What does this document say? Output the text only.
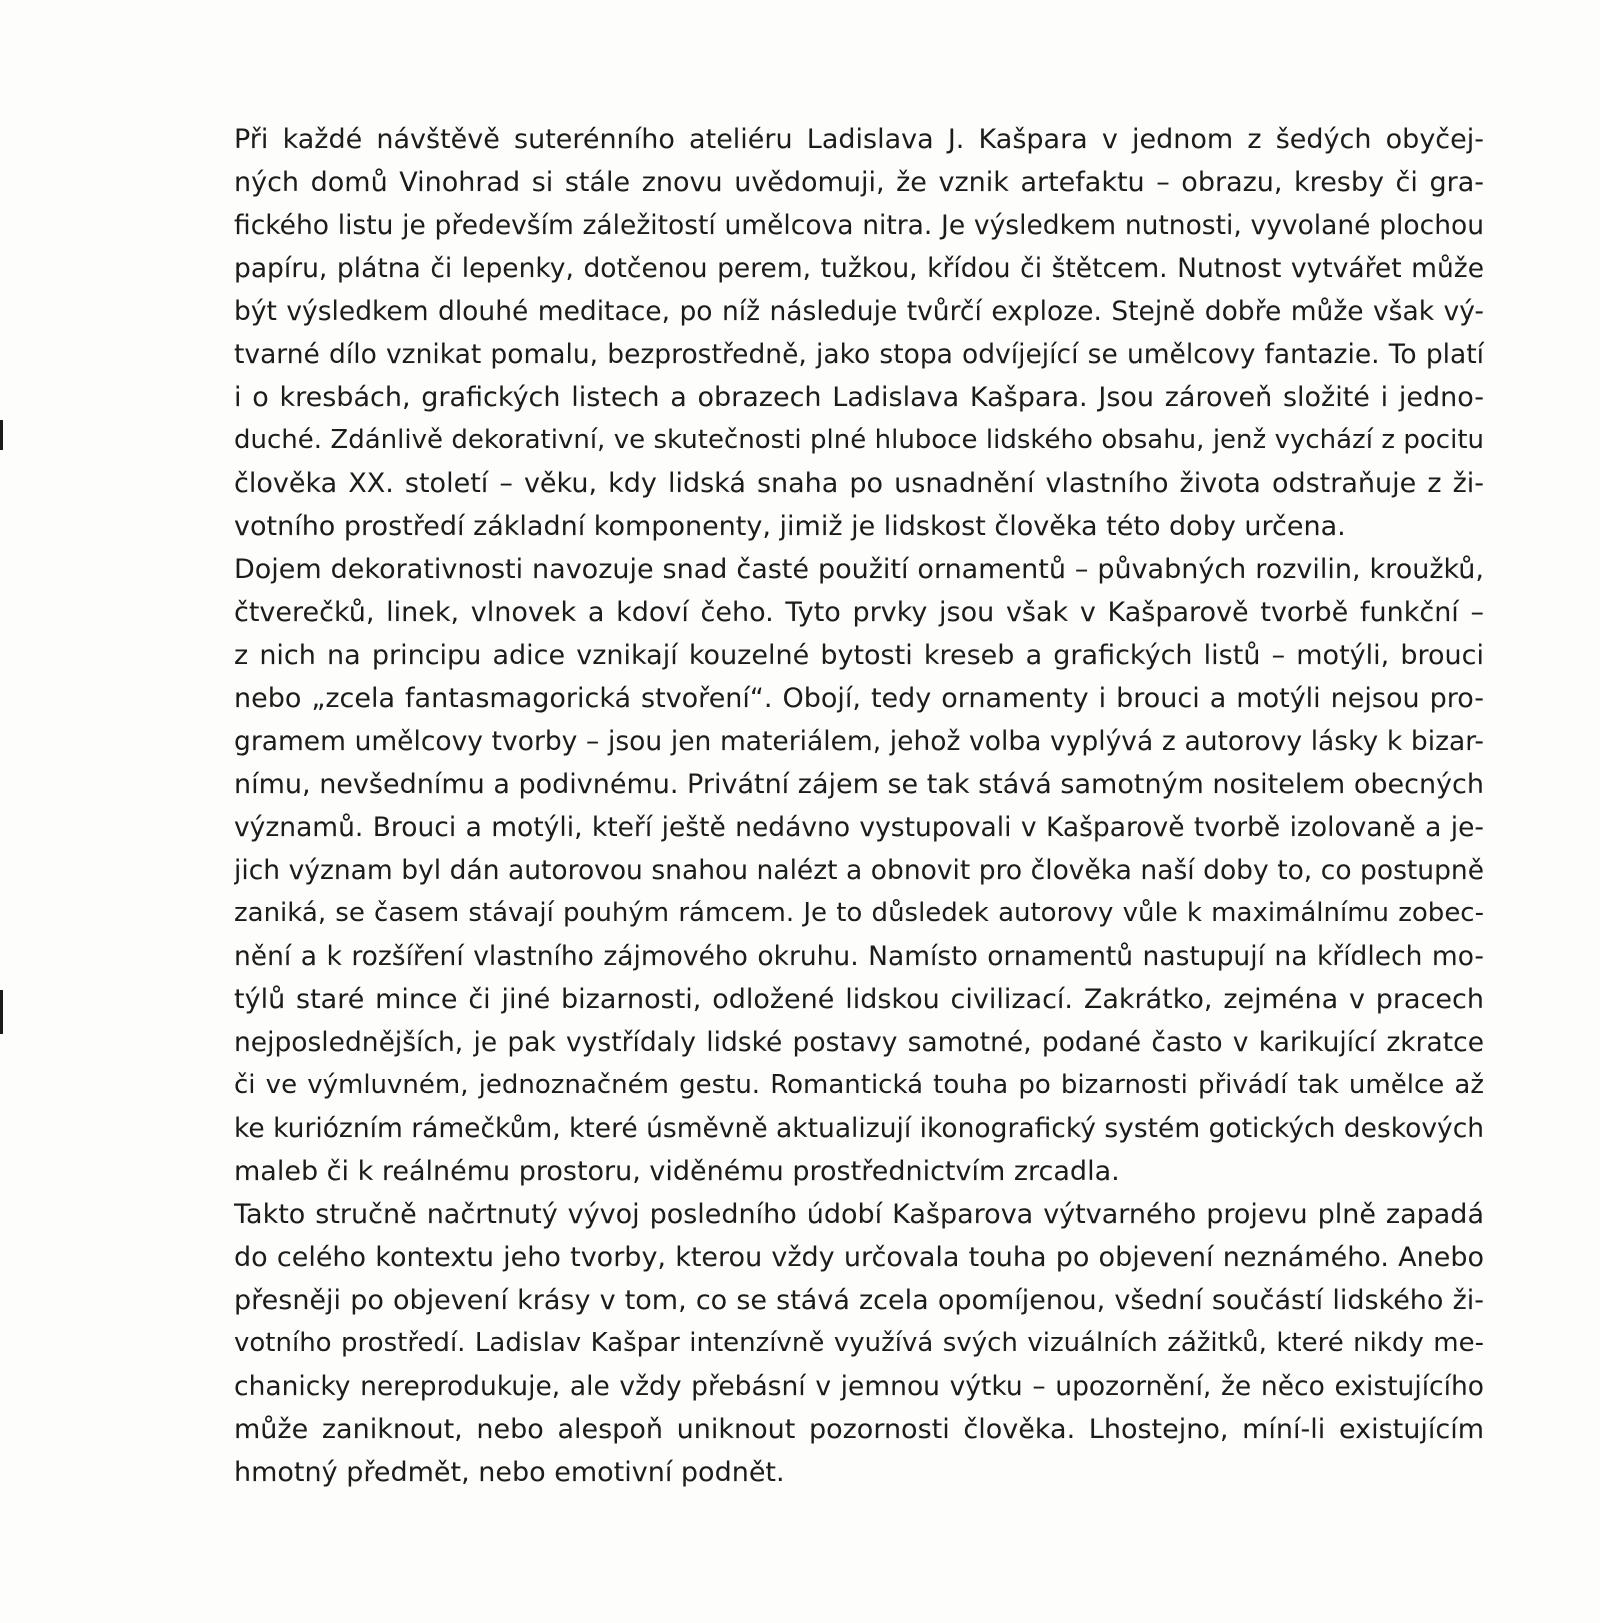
Při každé návštěvě suterénního ateliéru Ladislava J. Kašpara v jednom z šedých obyčej-
ných domů Vinohrad si stále znovu uvědomuji, že vznik artefaktu – obrazu, kresby či gra-
fického listu je především záležitostí umělcova nitra. Je výsledkem nutnosti, vyvolané plochou
papíru, plátna či lepenky, dotčenou perem, tužkou, křídou či štětcem. Nutnost vytvářet může
být výsledkem dlouhé meditace, po níž následuje tvůrčí exploze. Stejně dobře může však vý-
tvarné dílo vznikat pomalu, bezprostředně, jako stopa odvíjející se umělcovy fantazie. To platí
i o kresbách, grafických listech a obrazech Ladislava Kašpara. Jsou zároveň složité i jedno-
duché. Zdánlivě dekorativní, ve skutečnosti plné hluboce lidského obsahu, jenž vychází z pocitu
člověka XX. století – věku, kdy lidská snaha po usnadnění vlastního života odstraňuje z ži-
votního prostředí základní komponenty, jimiž je lidskost člověka této doby určena.
Dojem dekorativnosti navozuje snad časté použití ornamentů – půvabných rozvilin, kroužků,
čtverečků, linek, vlnovek a kdoví čeho. Tyto prvky jsou však v Kašparově tvorbě funkční –
z nich na principu adice vznikají kouzelné bytosti kreseb a grafických listů – motýli, brouci
nebo „zcela fantasmagorická stvoření“. Obojí, tedy ornamenty i brouci a motýli nejsou pro-
gramem umělcovy tvorby – jsou jen materiálem, jehož volba vyplývá z autorovy lásky k bizar-
nímu, nevšednímu a podivnému. Privátní zájem se tak stává samotným nositelem obecných
významů. Brouci a motýli, kteří ještě nedávno vystupovali v Kašparově tvorbě izolovaně a je-
jich význam byl dán autorovou snahou nalézt a obnovit pro člověka naší doby to, co postupně
zaniká, se časem stávají pouhým rámcem. Je to důsledek autorovy vůle k maximálnímu zobec-
nění a k rozšíření vlastního zájmového okruhu. Namísto ornamentů nastupují na křídlech mo-
týlů staré mince či jiné bizarnosti, odložené lidskou civilizací. Zakrátko, zejména v pracech
nejposlednějších, je pak vystřídaly lidské postavy samotné, podané často v karikující zkratce
či ve výmluvném, jednoznačném gestu. Romantická touha po bizarnosti přivádí tak umělce až
ke kuriózním rámečkům, které úsměvně aktualizují ikonografický systém gotických deskových
maleb či k reálnému prostoru, viděnému prostřednictvím zrcadla.
Takto stručně načrtnutý vývoj posledního údobí Kašparova výtvarného projevu plně zapadá
do celého kontextu jeho tvorby, kterou vždy určovala touha po objevení neznámého. Anebo
přesněji po objevení krásy v tom, co se stává zcela opomíjenou, všední součástí lidského ži-
votního prostředí. Ladislav Kašpar intenzívně využívá svých vizuálních zážitků, které nikdy me-
chanicky nereprodukuje, ale vždy přebásní v jemnou výtku – upozornění, že něco existujícího
může zaniknout, nebo alespoň uniknout pozornosti člověka. Lhostejno, míní-li existujícím
hmotný předmět, nebo emotivní podnět.
